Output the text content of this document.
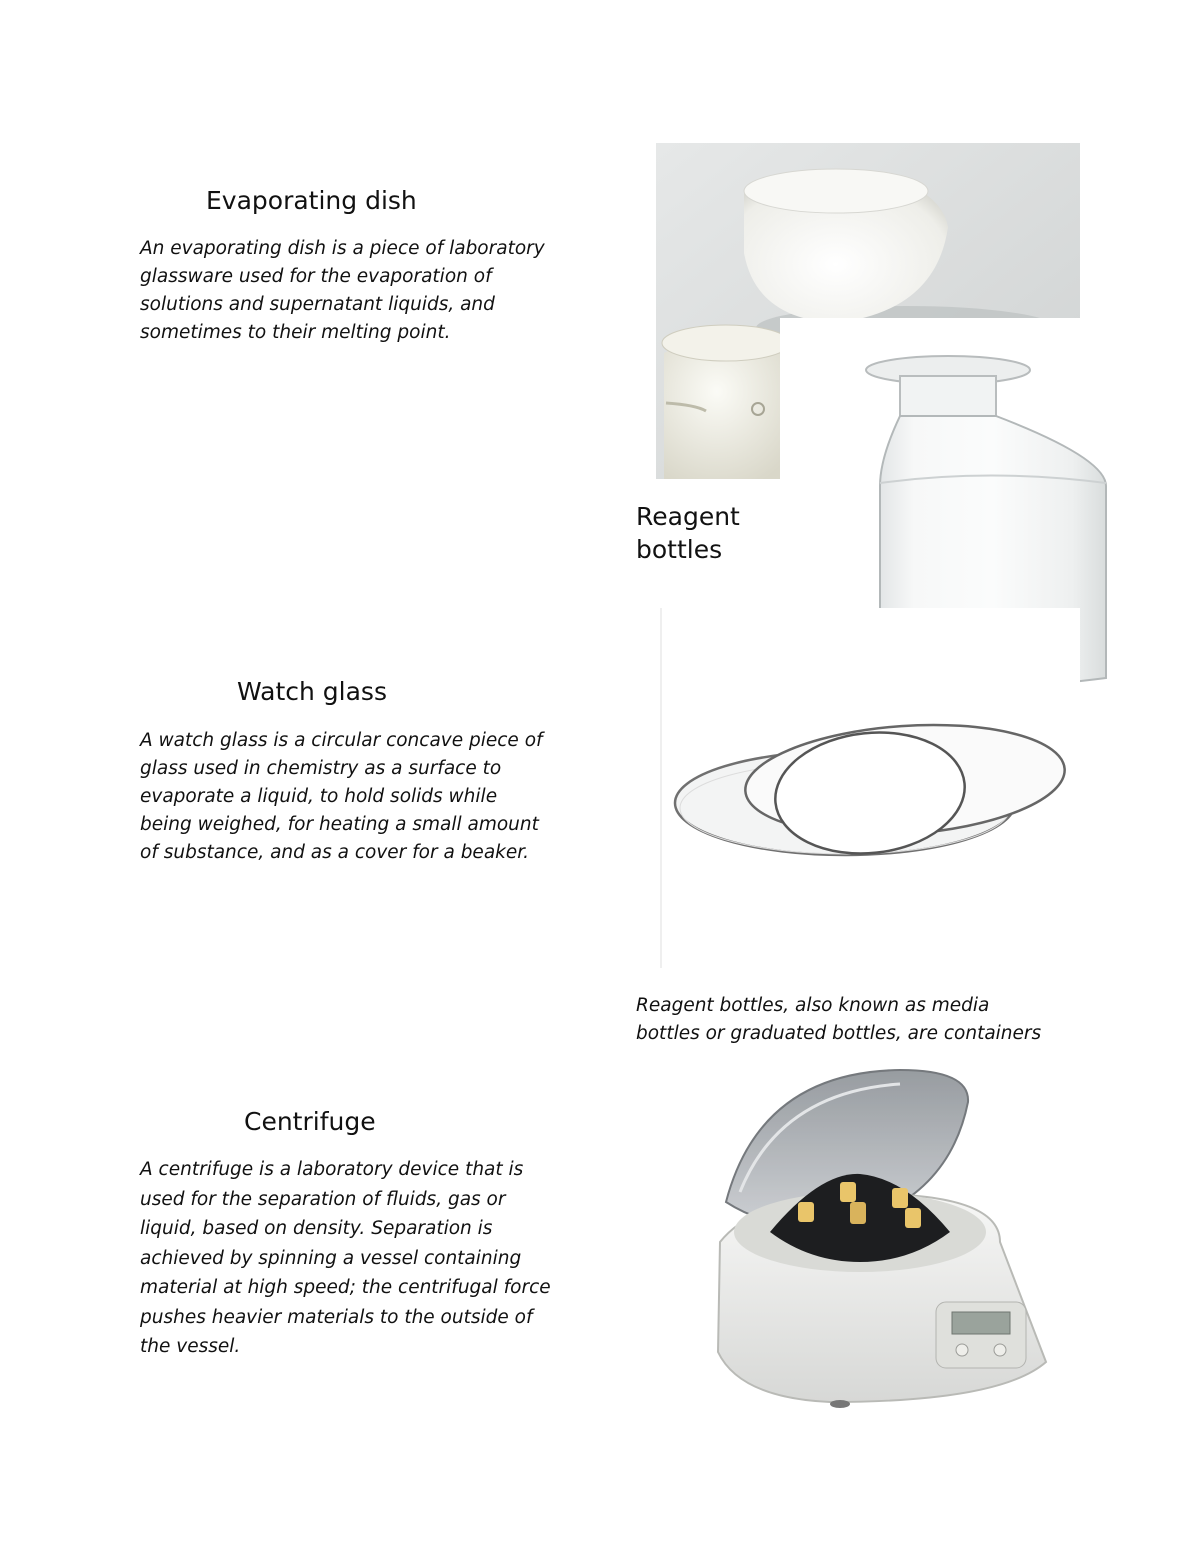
Evaporating dish
An evaporating dish is a piece of laboratory
glassware used for the evaporation of
solutions and supernatant liquids, and
sometimes to their melting point.
Reagent
bottles
Watch glass
A watch glass is a circular concave piece of
glass used in chemistry as a surface to
evaporate a liquid, to hold solids while
being weighed, for heating a small amount
of substance, and as a cover for a beaker.
Reagent bottles, also known as media
bottles or graduated bottles, are containers
Centrifuge
A centrifuge is a laboratory device that is
used for the separation of fluids, gas or
liquid, based on density. Separation is
achieved by spinning a vessel containing
material at high speed; the centrifugal force
pushes heavier materials to the outside of
the vessel.
